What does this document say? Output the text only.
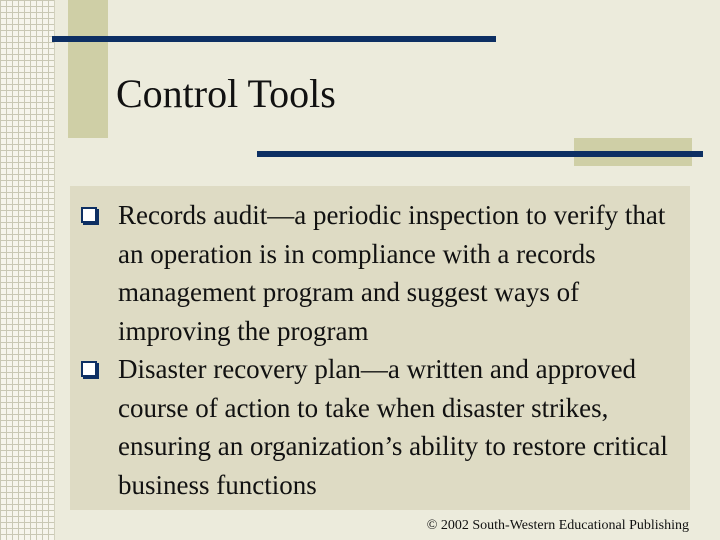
Control Tools
Records audit—a periodic inspection to verify that an operation is in compliance with a records management program and suggest ways of improving the program
Disaster recovery plan—a written and approved course of action to take when disaster strikes, ensuring an organization’s ability to restore critical business functions
© 2002 South-Western Educational Publishing
